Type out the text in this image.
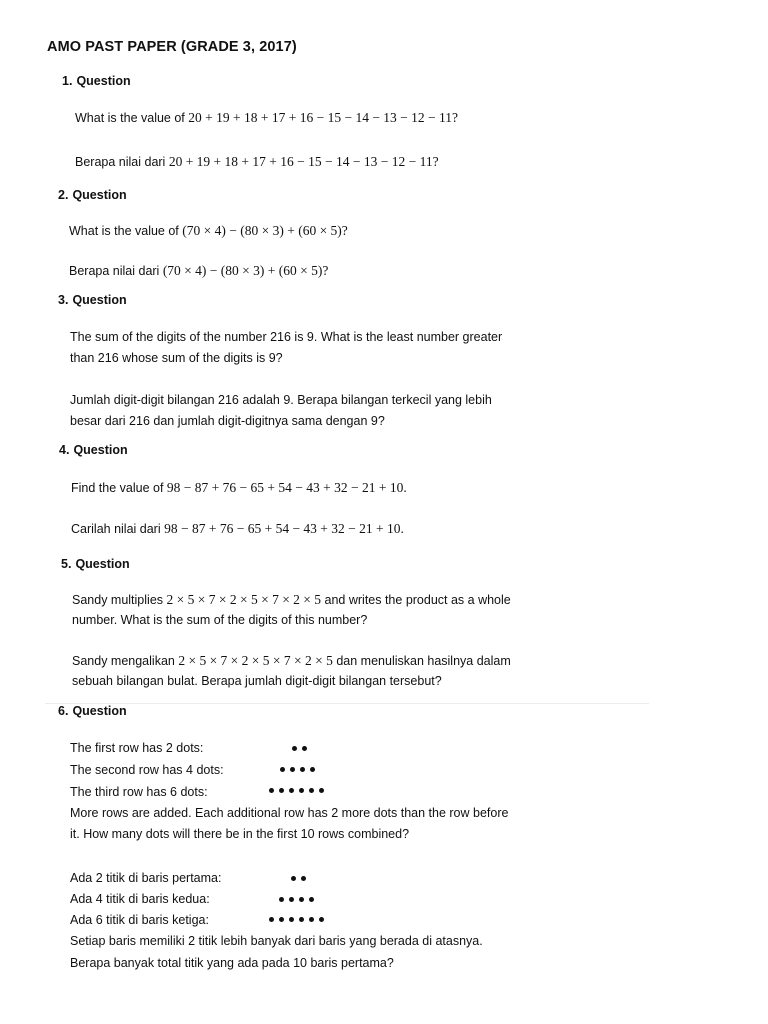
AMO PAST PAPER (GRADE 3, 2017)
1. Question
What is the value of 20 + 19 + 18 + 17 + 16 − 15 − 14 − 13 − 12 − 11?
Berapa nilai dari 20 + 19 + 18 + 17 + 16 − 15 − 14 − 13 − 12 − 11?
2. Question
What is the value of (70 × 4) − (80 × 3) + (60 × 5)?
Berapa nilai dari (70 × 4) − (80 × 3) + (60 × 5)?
3. Question
The sum of the digits of the number 216 is 9. What is the least number greater
than 216 whose sum of the digits is 9?
Jumlah digit-digit bilangan 216 adalah 9. Berapa bilangan terkecil yang lebih
besar dari 216 dan jumlah digit-digitnya sama dengan 9?
4. Question
Find the value of 98 − 87 + 76 − 65 + 54 − 43 + 32 − 21 + 10.
Carilah nilai dari 98 − 87 + 76 − 65 + 54 − 43 + 32 − 21 + 10.
5. Question
Sandy multiplies 2 × 5 × 7 × 2 × 5 × 7 × 2 × 5 and writes the product as a whole
number. What is the sum of the digits of this number?
Sandy mengalikan 2 × 5 × 7 × 2 × 5 × 7 × 2 × 5 dan menuliskan hasilnya dalam
sebuah bilangan bulat. Berapa jumlah digit-digit bilangan tersebut?
6. Question
The first row has 2 dots:
The second row has 4 dots:
The third row has 6 dots:
More rows are added. Each additional row has 2 more dots than the row before
it. How many dots will there be in the first 10 rows combined?
Ada 2 titik di baris pertama:
Ada 4 titik di baris kedua:
Ada 6 titik di baris ketiga:
Setiap baris memiliki 2 titik lebih banyak dari baris yang berada di atasnya.
Berapa banyak total titik yang ada pada 10 baris pertama?
